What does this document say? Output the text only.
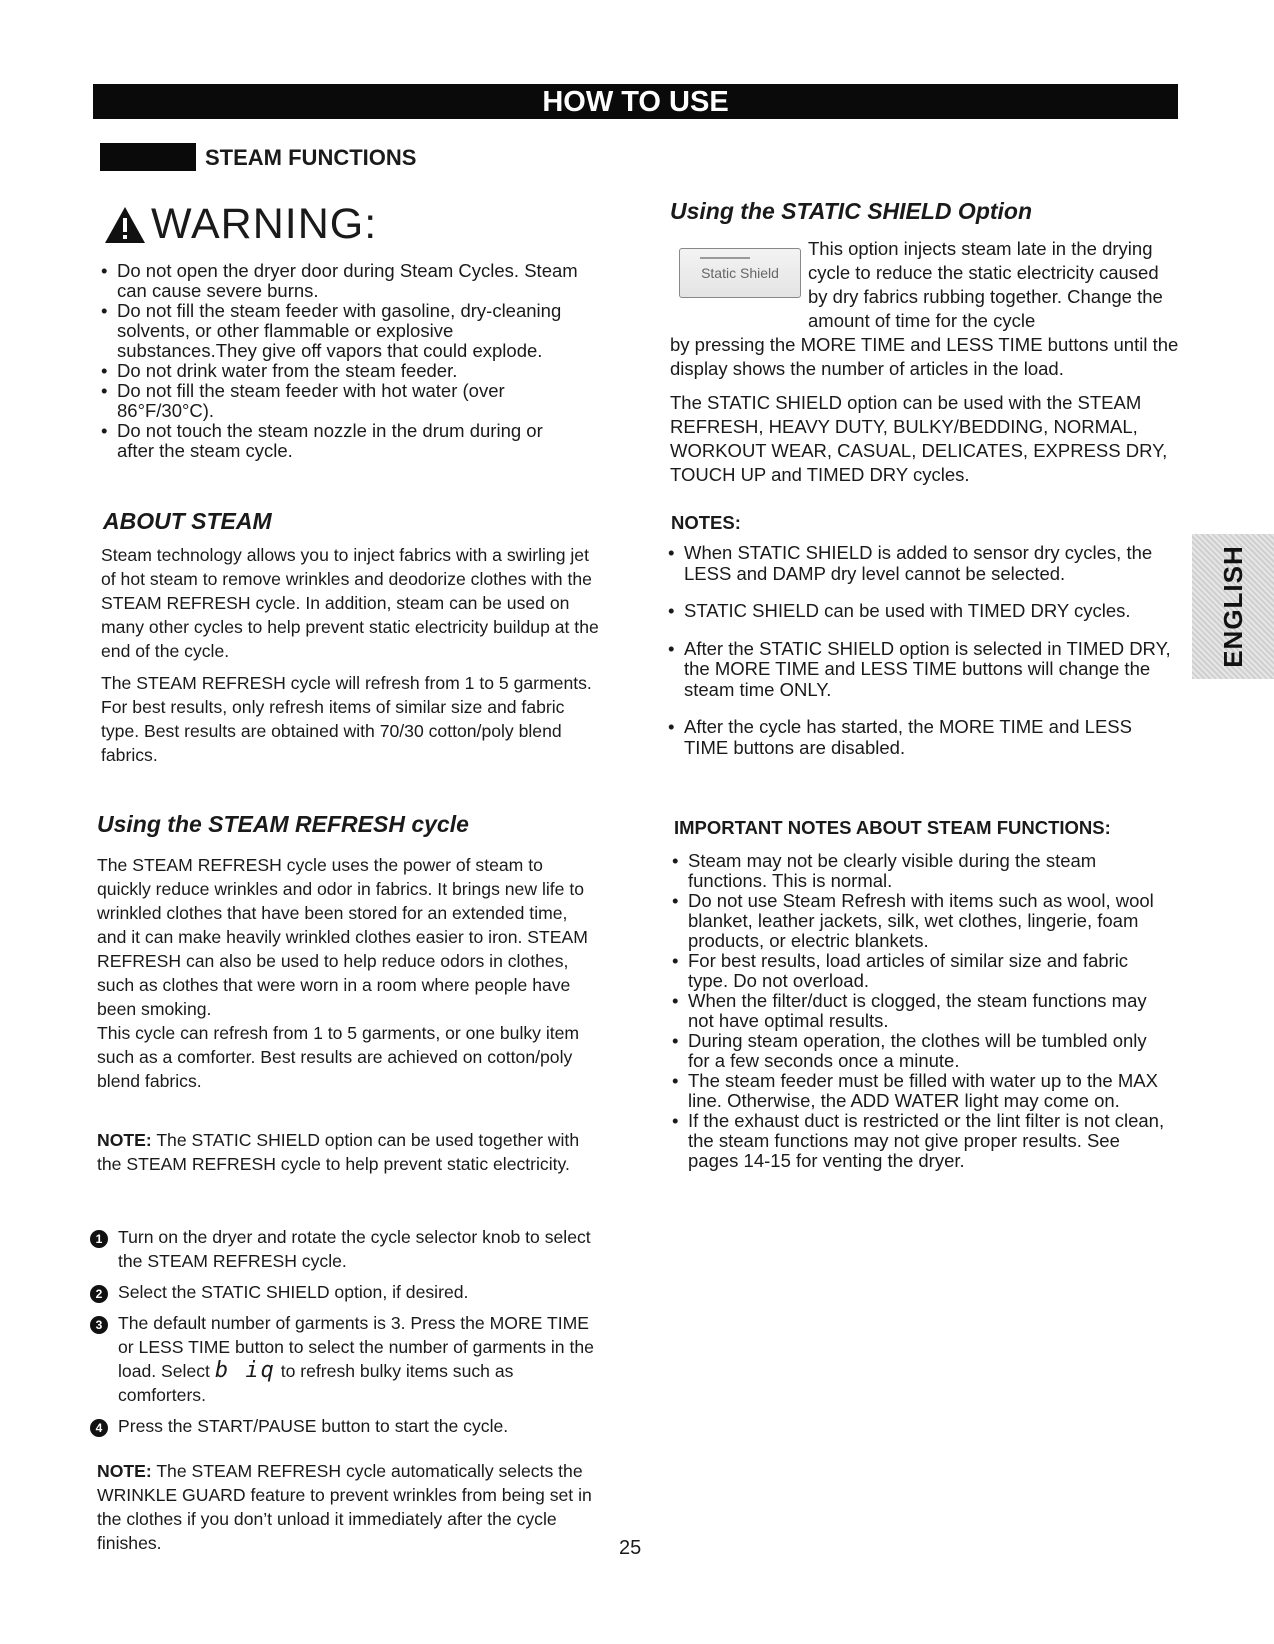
HOW TO USE
STEAM FUNCTIONS
WARNING:
• Do not open the dryer door during Steam Cycles. Steam can cause severe burns.
• Do not fill the steam feeder with gasoline, dry-cleaning solvents, or other flammable or explosive substances.They give off vapors that could explode.
• Do not drink water from the steam feeder.
• Do not fill the steam feeder with hot water (over 86°F/30°C).
• Do not touch the steam nozzle in the drum during or after the steam cycle.
ABOUT STEAM

Steam technology allows you to inject fabrics with a swirling jet of hot steam to remove wrinkles and deodorize clothes with the STEAM REFRESH cycle. In addition, steam can be used on many other cycles to help prevent static electricity buildup at the end of the cycle.

The STEAM REFRESH cycle will refresh from 1 to 5 garments. For best results, only refresh items of similar size and fabric type. Best results are obtained with 70/30 cotton/poly blend fabrics.

Using the STEAM REFRESH cycle

The STEAM REFRESH cycle uses the power of steam to quickly reduce wrinkles and odor in fabrics. It brings new life to wrinkled clothes that have been stored for an extended time, and it can make heavily wrinkled clothes easier to iron. STEAM REFRESH can also be used to help reduce odors in clothes, such as clothes that were worn in a room where people have been smoking.

This cycle can refresh from 1 to 5 garments, or one bulky item such as a comforter. Best results are achieved on cotton/poly blend fabrics.

NOTE: The STATIC SHIELD option can be used together with the STEAM REFRESH cycle to help prevent static electricity.
1 Turn on the dryer and rotate the cycle selector knob to select the STEAM REFRESH cycle.
2 Select the STATIC SHIELD option, if desired.
3 The default number of garments is 3. Press the MORE TIME or LESS TIME button to select the number of garments in the load. Select b iq to refresh bulky items such as comforters.
4 Press the START/PAUSE button to start the cycle.
NOTE: The STEAM REFRESH cycle automatically selects the WRINKLE GUARD feature to prevent wrinkles from being set in the clothes if you don’t unload it immediately after the cycle finishes.	25
Using the STATIC SHIELD Option
Static Shield
This option injects steam late in the drying cycle to reduce the static electricity caused by dry fabrics rubbing together. Change the amount of time for the cycle
by pressing the MORE TIME and LESS TIME buttons until the display shows the number of articles in the load.
The STATIC SHIELD option can be used with the STEAM REFRESH, HEAVY DUTY, BULKY/BEDDING, NORMAL, WORKOUT WEAR, CASUAL, DELICATES, EXPRESS DRY, TOUCH UP and TIMED DRY cycles.
NOTES:
• When STATIC SHIELD is added to sensor dry cycles, the LESS and DAMP dry level cannot be selected.
• STATIC SHIELD can be used with TIMED DRY cycles.
• After the STATIC SHIELD option is selected in TIMED DRY, the MORE TIME and LESS TIME buttons will change the steam time ONLY.
• After the cycle has started, the MORE TIME and LESS TIME buttons are disabled.
IMPORTANT NOTES ABOUT STEAM FUNCTIONS:
• Steam may not be clearly visible during the steam functions. This is normal.
• Do not use Steam Refresh with items such as wool, wool blanket, leather jackets, silk, wet clothes, lingerie, foam products, or electric blankets.
• For best results, load articles of similar size and fabric type. Do not overload.
• When the filter/duct is clogged, the steam functions may not have optimal results.
• During steam operation, the clothes will be tumbled only for a few seconds once a minute.
• The steam feeder must be filled with water up to the MAX line. Otherwise, the ADD WATER light may come on.
• If the exhaust duct is restricted or the lint filter is not clean, the steam functions may not give proper results. See pages 14-15 for venting the dryer.
ENGLISH
